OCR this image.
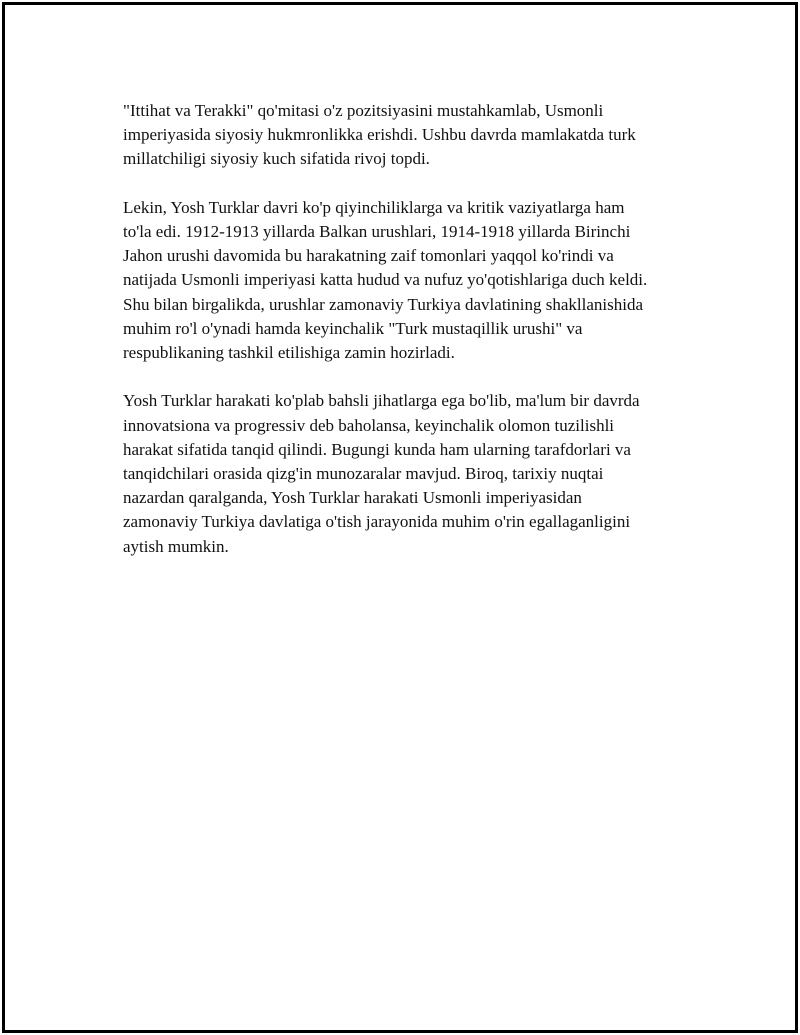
"Ittihat va Terakki" qo'mitasi o'z pozitsiyasini mustahkamlab, Usmonli
imperiyasida siyosiy hukmronlikka erishdi. Ushbu davrda mamlakatda turk
millatchiligi siyosiy kuch sifatida rivoj topdi.

Lekin, Yosh Turklar davri ko'p qiyinchiliklarga va kritik vaziyatlarga ham
to'la edi. 1912-1913 yillarda Balkan urushlari, 1914-1918 yillarda Birinchi
Jahon urushi davomida bu harakatning zaif tomonlari yaqqol ko'rindi va
natijada Usmonli imperiyasi katta hudud va nufuz yo'qotishlariga duch keldi.
Shu bilan birgalikda, urushlar zamonaviy Turkiya davlatining shakllanishida
muhim ro'l o'ynadi hamda keyinchalik "Turk mustaqillik urushi" va
respublikaning tashkil etilishiga zamin hozirladi.

Yosh Turklar harakati ko'plab bahsli jihatlarga ega bo'lib, ma'lum bir davrda
innovatsiona va progressiv deb baholansa, keyinchalik olomon tuzilishli
harakat sifatida tanqid qilindi. Bugungi kunda ham ularning tarafdorlari va
tanqidchilari orasida qizg'in munozaralar mavjud. Biroq, tarixiy nuqtai
nazardan qaralganda, Yosh Turklar harakati Usmonli imperiyasidan
zamonaviy Turkiya davlatiga o'tish jarayonida muhim o'rin egallaganligini
aytish mumkin.
